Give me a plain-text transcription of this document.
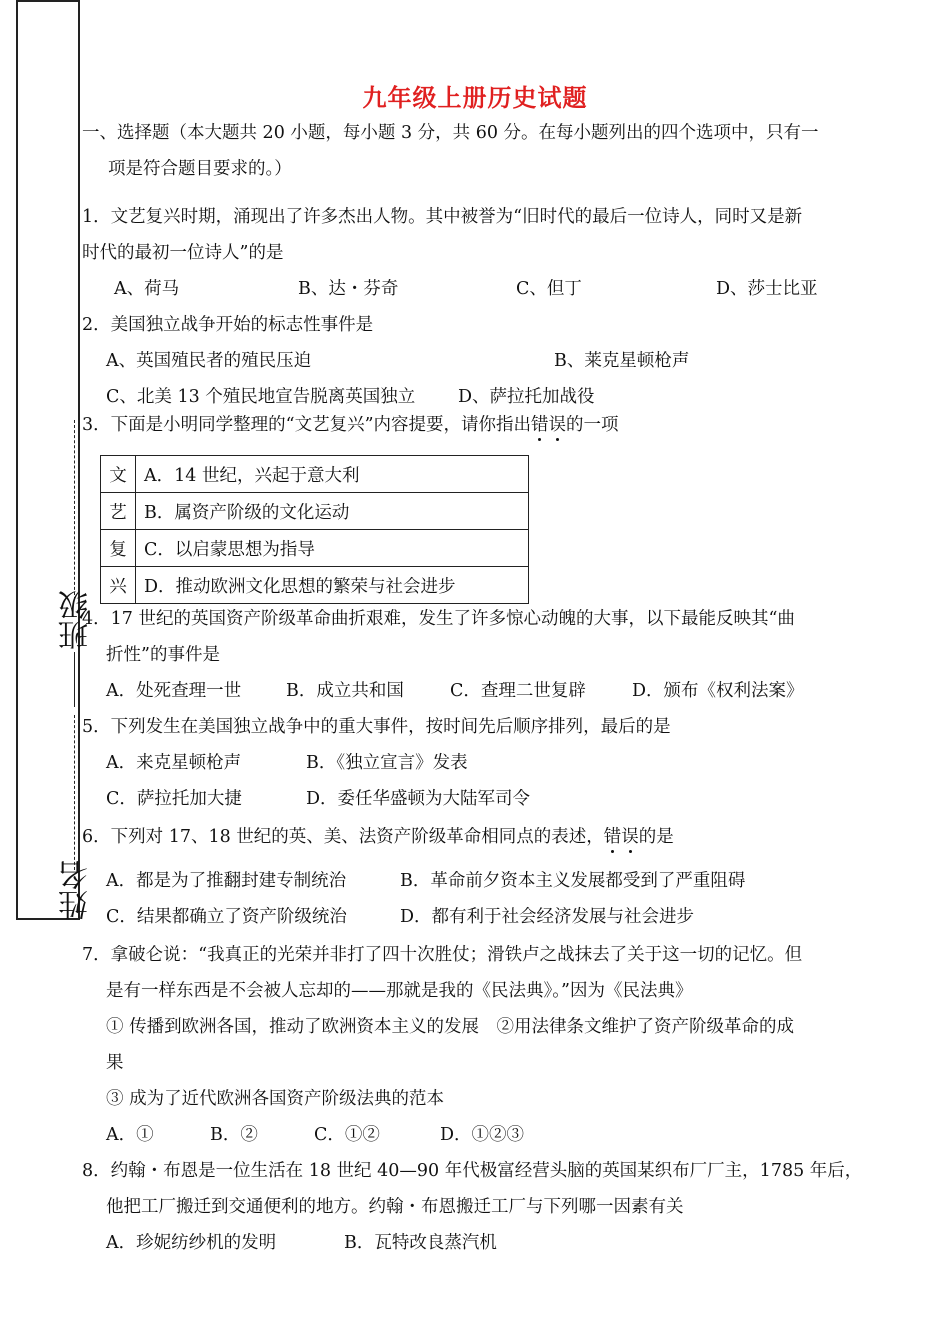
班级
姓名
九年级上册历史试题
一、选择题（本大题共 20 小题，每小题 3 分，共 60 分。在每小题列出的四个选项中，只有一
项是符合题目要求的。）
1．文艺复兴时期，涌现出了许多杰出人物。其中被誉为“旧时代的最后一位诗人，同时又是新
时代的最初一位诗人”的是
A、荷马	B、达・芬奇	C、但丁	D、莎士比亚
2．美国独立战争开始的标志性事件是
A、英国殖民者的殖民压迫	B、莱克星顿枪声
C、北美 13 个殖民地宣告脱离英国独立 D、萨拉托加战役
3．下面是小明同学整理的“文艺复兴”内容提要，请你指出错误的一项
文	A．14 世纪，兴起于意大利
艺	B．属资产阶级的文化运动
复	C．以启蒙思想为指导
兴	D．推动欧洲文化思想的繁荣与社会进步
4．17 世纪的英国资产阶级革命曲折艰难，发生了许多惊心动魄的大事，以下最能反映其“曲
折性”的事件是
A．处死查理一世	B．成立共和国	C．查理二世复辟	D．颁布《权利法案》
5．下列发生在美国独立战争中的重大事件，按时间先后顺序排列，最后的是
A．来克星顿枪声	B．《独立宣言》发表
C．萨拉托加大捷	D．委任华盛顿为大陆军司令
6．下列对 17、18 世纪的英、美、法资产阶级革命相同点的表述，错误的是
A．都是为了推翻封建专制统治	B．革命前夕资本主义发展都受到了严重阻碍
C．结果都确立了资产阶级统治	D．都有利于社会经济发展与社会进步
7．拿破仑说：“我真正的光荣并非打了四十次胜仗；滑铁卢之战抹去了关于这一切的记忆。但
是有一样东西是不会被人忘却的——那就是我的《民法典》。”因为《民法典》
① 传播到欧洲各国，推动了欧洲资本主义的发展　②用法律条文维护了资产阶级革命的成
果
③ 成为了近代欧洲各国资产阶级法典的范本
A．①	B．②	C．①②	D．①②③
8．约翰・布恩是一位生活在 18 世纪 40—90 年代极富经营头脑的英国某织布厂厂主，1785 年后，
他把工厂搬迁到交通便利的地方。约翰・布恩搬迁工厂与下列哪一因素有关
A．珍妮纺纱机的发明	B．瓦特改良蒸汽机
